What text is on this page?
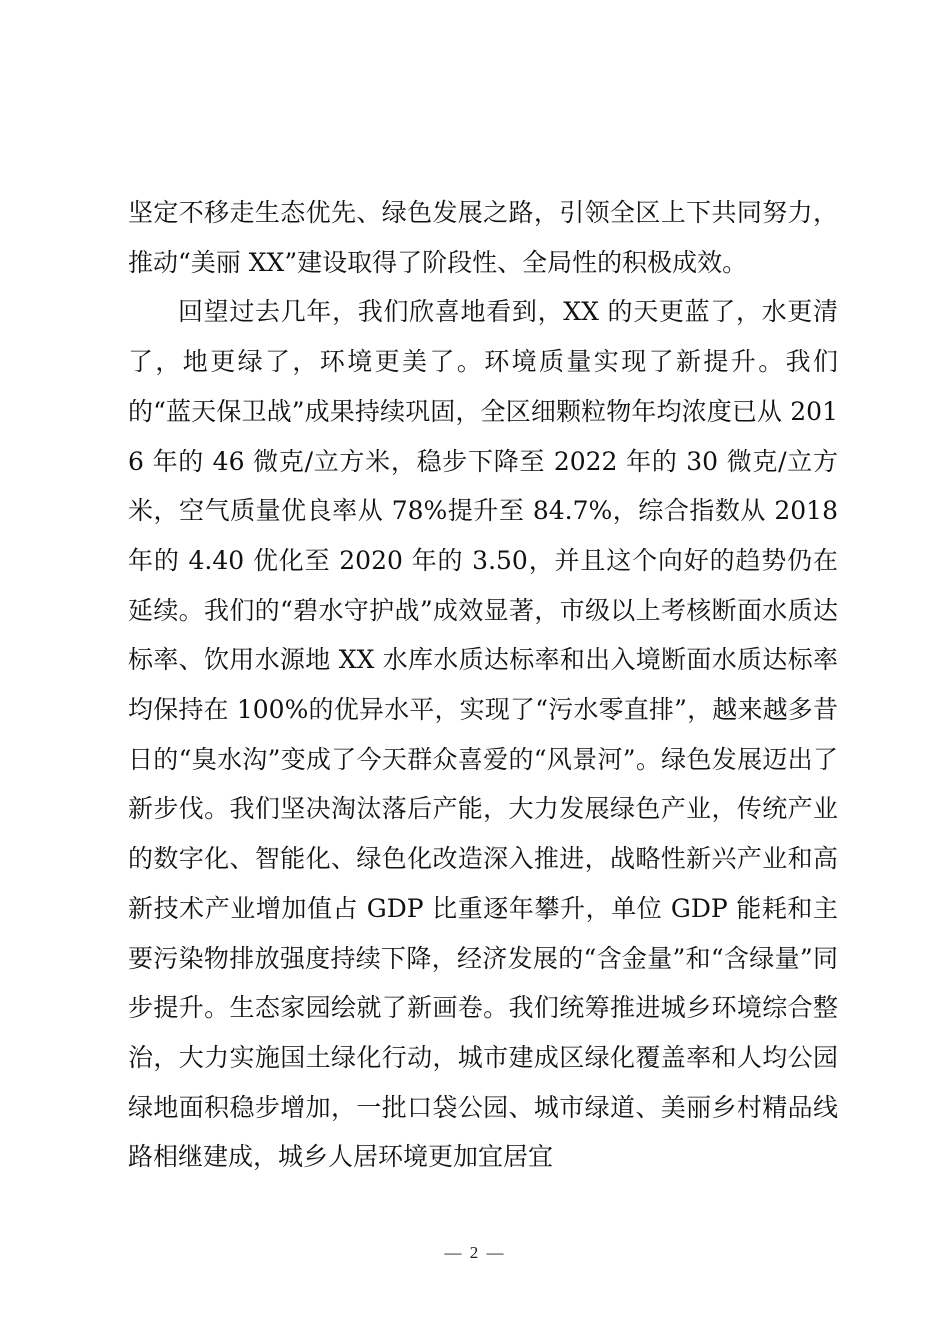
坚定不移走生态优先、绿色发展之路，引领全区上下共同努力，推动“美丽 XX”建设取得了阶段性、全局性的积极成效。

回望过去几年，我们欣喜地看到，XX 的天更蓝了，水更清了，地更绿了，环境更美了。环境质量实现了新提升。我们的“蓝天保卫战”成果持续巩固，全区细颗粒物年均浓度已从 2016 年的 46 微克/立方米，稳步下降至 2022 年的 30 微克/立方米，空气质量优良率从 78%提升至 84.7%，综合指数从 2018 年的 4.40 优化至 2020 年的 3.50，并且这个向好的趋势仍在延续。我们的“碧水守护战”成效显著，市级以上考核断面水质达标率、饮用水源地 XX 水库水质达标率和出入境断面水质达标率均保持在 100%的优异水平，实现了“污水零直排”，越来越多昔日的“臭水沟”变成了今天群众喜爱的“风景河”。绿色发展迈出了新步伐。我们坚决淘汰落后产能，大力发展绿色产业，传统产业的数字化、智能化、绿色化改造深入推进，战略性新兴产业和高新技术产业增加值占 GDP 比重逐年攀升，单位 GDP 能耗和主要污染物排放强度持续下降，经济发展的“含金量”和“含绿量”同步提升。生态家园绘就了新画卷。我们统筹推进城乡环境综合整治，大力实施国土绿化行动，城市建成区绿化覆盖率和人均公园绿地面积稳步增加，一批口袋公园、城市绿道、美丽乡村精品线路相继建成，城乡人居环境更加宜居宜

— 2 —
